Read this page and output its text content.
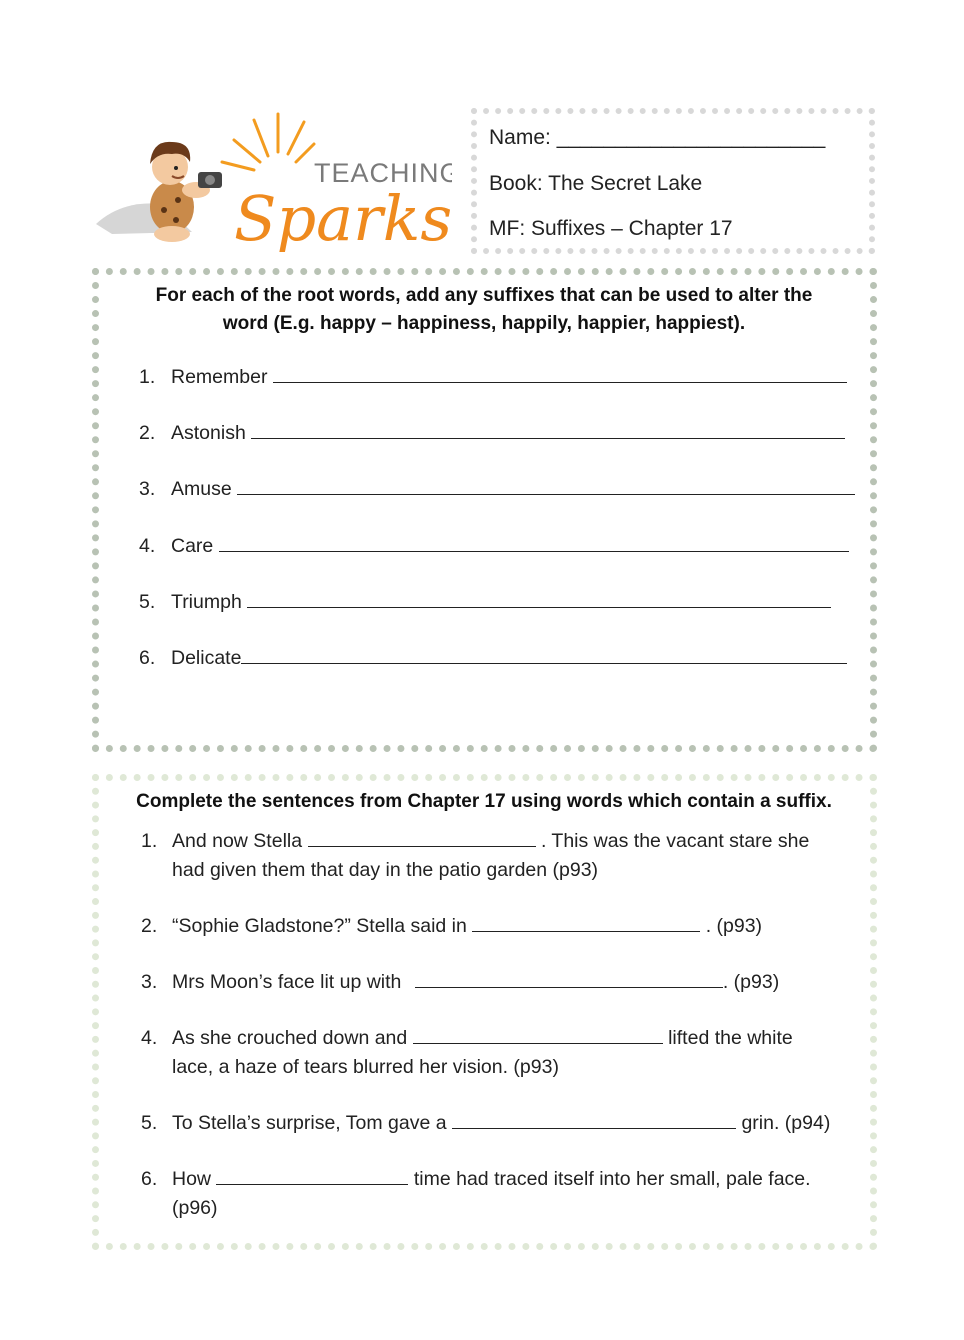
TEACHING
Sparks
Name: _______________________
Book: The Secret Lake
MF: Suffixes – Chapter 17
For each of the root words, add any suffixes that can be used to alter the
word (E.g. happy – happiness, happily, happier, happiest).
1. Remember
2. Astonish
3. Amuse
4. Care
5. Triumph
6. Delicate
Complete the sentences from Chapter 17 using words which contain a suffix.
1. And now Stella	. This was the vacant stare she
had given them that day in the patio garden (p93)
2. “Sophie Gladstone?” Stella said in	. (p93)
3. Mrs Moon’s face lit up with	. (p93)
4. As she crouched down and	lifted the white
lace, a haze of tears blurred her vision. (p93)
5. To Stella’s surprise, Tom gave a	grin. (p94)
6. How	time had traced itself into her small, pale face.
(p96)
